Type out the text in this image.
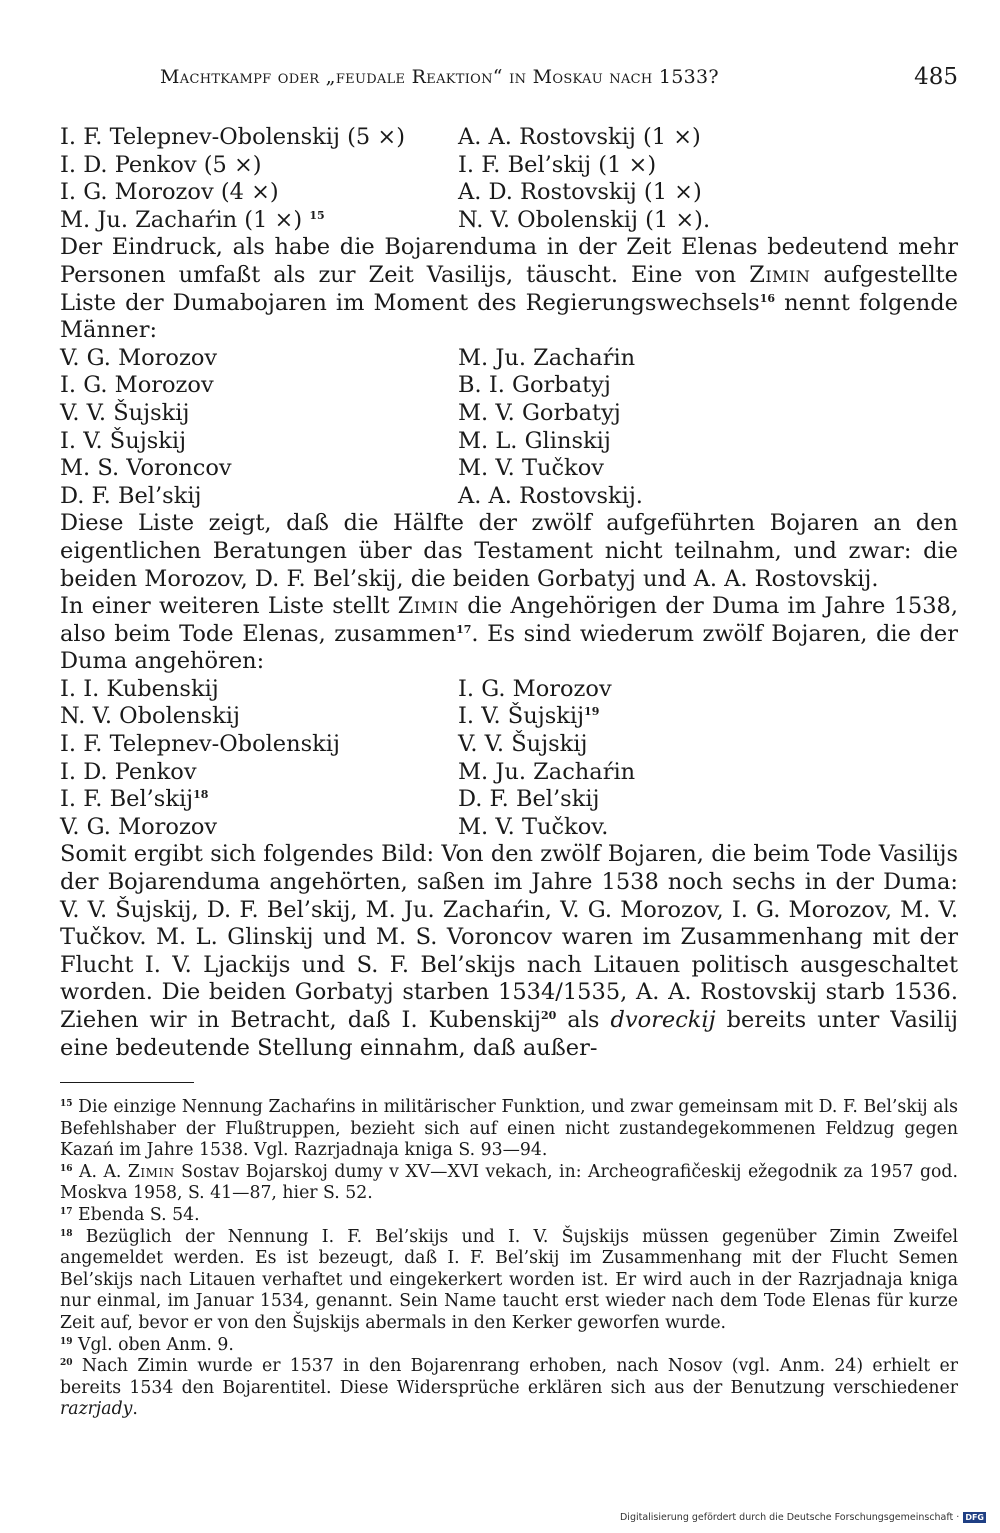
Machtkampf oder „feudale Reaktion“ in Moskau nach 1533?	485
I. F. Telepnev-Obolenskij (5 ×)
I. D. Penkov (5 ×)
I. G. Morozov (4 ×)
M. Ju. Zachaŕin (1 ×) $^{15}$
A. A. Rostovskij (1 ×)
I. F. Bel’skij (1 ×)
A. D. Rostovskij (1 ×)
N. V. Obolenskij (1 ×).
Der Eindruck, als habe die Bojarenduma in der Zeit Elenas bedeutend mehr Personen umfaßt als zur Zeit Vasilijs, täuscht. Eine von Zimin aufgestellte Liste der Dumabojaren im Moment des Regierungswechsels$^{16}$ nennt folgende Männer:
V. G. Morozov
I. G. Morozov
V. V. Šujskij
I. V. Šujskij
M. S. Voroncov
D. F. Bel’skij
M. Ju. Zachaŕin
B. I. Gorbatyj
M. V. Gorbatyj
M. L. Glinskij
M. V. Tučkov
A. A. Rostovskij.
Diese Liste zeigt, daß die Hälfte der zwölf aufgeführten Bojaren an den eigentlichen Beratungen über das Testament nicht teilnahm, und zwar: die beiden Morozov, D. F. Bel’skij, die beiden Gorbatyj und A. A. Rostovskij.
In einer weiteren Liste stellt Zimin die Angehörigen der Duma im Jahre 1538, also beim Tode Elenas, zusammen$^{17}$. Es sind wiederum zwölf Bojaren, die der Duma angehören:
I. I. Kubenskij
N. V. Obolenskij
I. F. Telepnev-Obolenskij
I. D. Penkov
I. F. Bel’skij$^{18}$
V. G. Morozov
I. G. Morozov
I. V. Šujskij$^{19}$
V. V. Šujskij
M. Ju. Zachaŕin
D. F. Bel’skij
M. V. Tučkov.
Somit ergibt sich folgendes Bild: Von den zwölf Bojaren, die beim Tode Vasilijs der Bojarenduma angehörten, saßen im Jahre 1538 noch sechs in der Duma: V. V. Šujskij, D. F. Bel’skij, M. Ju. Zachaŕin, V. G. Morozov, I. G. Morozov, M. V. Tučkov. M. L. Glinskij und M. S. Voroncov waren im Zusammenhang mit der Flucht I. V. Ljackijs und S. F. Bel’skijs nach Litauen politisch ausgeschaltet worden. Die beiden Gorbatyj starben 1534/1535, A. A. Rostovskij starb 1536. Ziehen wir in Betracht, daß I. Kubenskij$^{20}$ als dvoreckij bereits unter Vasilij eine bedeutende Stellung einnahm, daß außer-
$^{15}$ Die einzige Nennung Zachaŕins in militärischer Funktion, und zwar gemeinsam mit D. F. Bel’skij als Befehlshaber der Flußtruppen, bezieht sich auf einen nicht zustandegekommenen Feldzug gegen Kazań im Jahre 1538. Vgl. Razrjadnaja kniga S. 93—94.
$^{16}$ A. A. Zimin Sostav Bojarskoj dumy v XV—XVI vekach, in: Archeografičeskij ežegodnik za 1957 god. Moskva 1958, S. 41—87, hier S. 52.
$^{17}$ Ebenda S. 54.
$^{18}$ Bezüglich der Nennung I. F. Bel’skijs und I. V. Šujskijs müssen gegenüber Zimin Zweifel angemeldet werden. Es ist bezeugt, daß I. F. Bel’skij im Zusammenhang mit der Flucht Semen Bel’skijs nach Litauen verhaftet und eingekerkert worden ist. Er wird auch in der Razrjadnaja kniga nur einmal, im Januar 1534, genannt. Sein Name taucht erst wieder nach dem Tode Elenas für kurze Zeit auf, bevor er von den Šujskijs abermals in den Kerker geworfen wurde.
$^{19}$ Vgl. oben Anm. 9.
$^{20}$ Nach Zimin wurde er 1537 in den Bojarenrang erhoben, nach Nosov (vgl. Anm. 24) erhielt er bereits 1534 den Bojarentitel. Diese Widersprüche erklären sich aus der Benutzung verschiedener razrjady.
Digitalisierung gefördert durch die Deutsche Forschungsgemeinschaft · DFG
